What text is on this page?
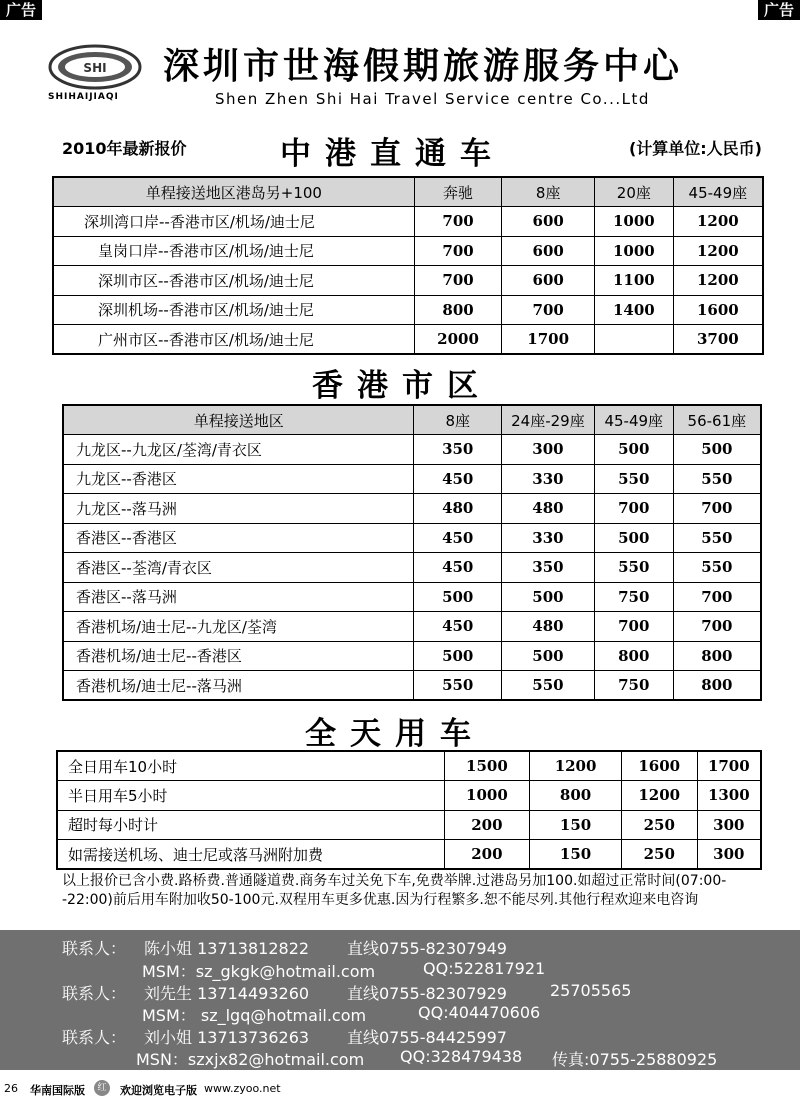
广告	广告
SHI
SHIHAIJIAQI
深圳市世海假期旅游服务中心
Shen Zhen Shi Hai Travel Service centre Co...Ltd
2010年最新报价	中港直通车	(计算单位:人民币)
单程接送地区港岛另+100	奔驰	8座	20座	45-49座
深圳湾口岸--香港市区/机场/迪士尼	700	600	1000	1200
皇岗口岸--香港市区/机场/迪士尼	700	600	1000	1200
深圳市区--香港市区/机场/迪士尼	700	600	1100	1200
深圳机场--香港市区/机场/迪士尼	800	700	1400	1600
广州市区--香港市区/机场/迪士尼	2000	1700		3700
香港市区
单程接送地区	8座	24座-29座	45-49座	56-61座
九龙区--九龙区/荃湾/青衣区	350	300	500	500
九龙区--香港区	450	330	550	550
九龙区--落马洲	480	480	700	700
香港区--香港区	450	330	500	550
香港区--荃湾/青衣区	450	350	550	550
香港区--落马洲	500	500	750	700
香港机场/迪士尼--九龙区/荃湾	450	480	700	700
香港机场/迪士尼--香港区	500	500	800	800
香港机场/迪士尼--落马洲	550	550	750	800
全天用车
全日用车10小时	1500	1200	1600	1700
半日用车5小时	1000	800	1200	1300
超时每小时计	200	150	250	300
如需接送机场、迪士尼或落马洲附加费	200	150	250	300
以上报价已含小费.路桥费.普通隧道费.商务车过关免下车,免费举牌.过港岛另加100.如超过正常时间(07:00--22:00)前后用车附加收50-100元.双程用车更多优惠.因为行程繁多.恕不能尽列.其他行程欢迎来电咨询
联系人： 陈小姐 13713812822 直线0755-82307949
MSM：sz_gkgk@hotmail.com	QQ:522817921
联系人： 刘先生 13714493260 直线0755-82307929	25705565
MSM： sz_lgq@hotmail.com	QQ:404470606
联系人： 刘小姐 13713736263 直线0755-84425997
MSN：szxjx82@hotmail.com QQ:328479438 传真:0755-25880925
26 华南国际版	红	欢迎浏览电子版 www.zyoo.net
